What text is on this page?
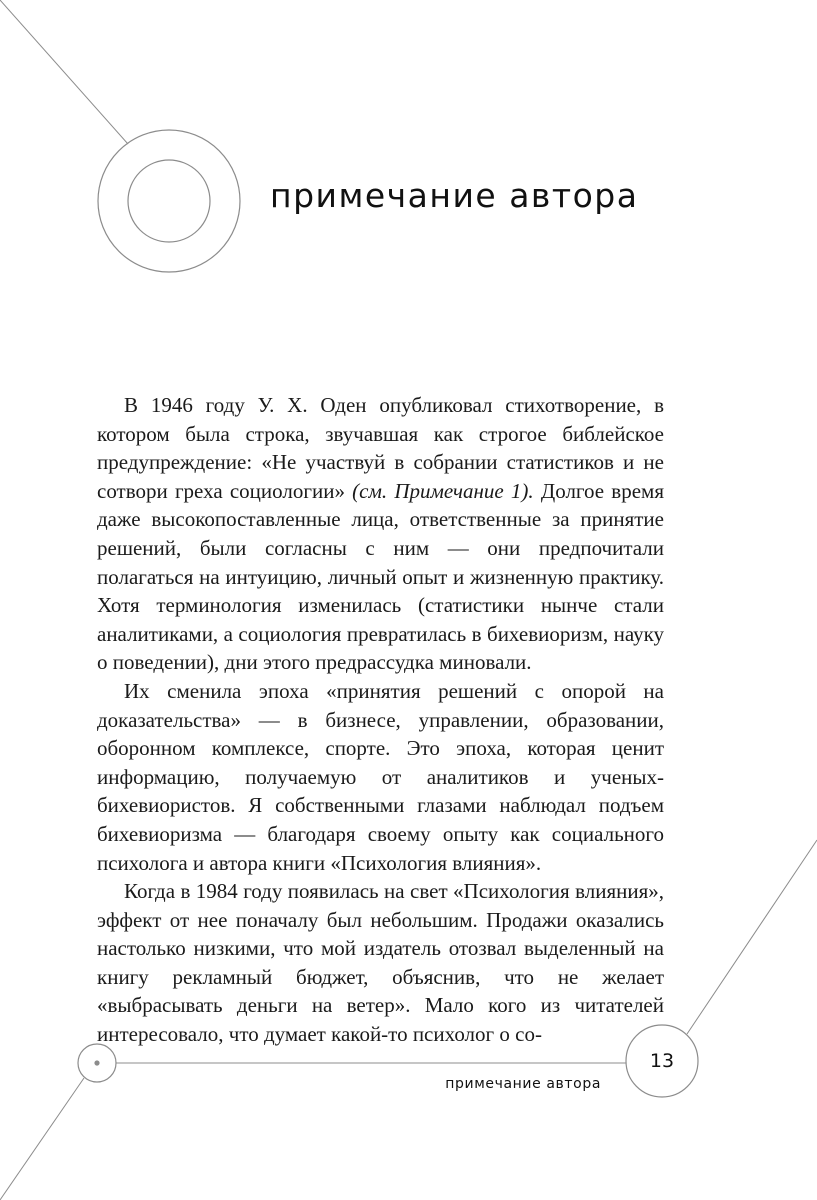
примечание автора

В 1946 году У. Х. Оден опубликовал стихотворение, в котором была строка, звучавшая как строгое библейское предупреждение: «Не участвуй в собрании статистиков и не сотвори греха социологии» (см. Примечание 1). Долгое время даже высокопоставленные лица, ответственные за принятие решений, были согласны с ним — они предпочитали полагаться на интуицию, личный опыт и жизненную практику. Хотя терминология изменилась (статистики нынче стали аналитиками, а социология превратилась в бихевиоризм, науку о поведении), дни этого предрассудка миновали.

Их сменила эпоха «принятия решений с опорой на доказательства» — в бизнесе, управлении, образовании, оборонном комплексе, спорте. Это эпоха, которая ценит информацию, получаемую от аналитиков и ученых-бихевиористов. Я собственными глазами наблюдал подъем бихевиоризма — благодаря своему опыту как социального психолога и автора книги «Психология влияния».

Когда в 1984 году появилась на свет «Психология влияния», эффект от нее поначалу был небольшим. Продажи оказались настолько низкими, что мой издатель отозвал выделенный на книгу рекламный бюджет, объяснив, что не желает «выбрасывать деньги на ветер». Мало кого из читателей интересовало, что думает какой-то психолог о со-

13
примечание автора
